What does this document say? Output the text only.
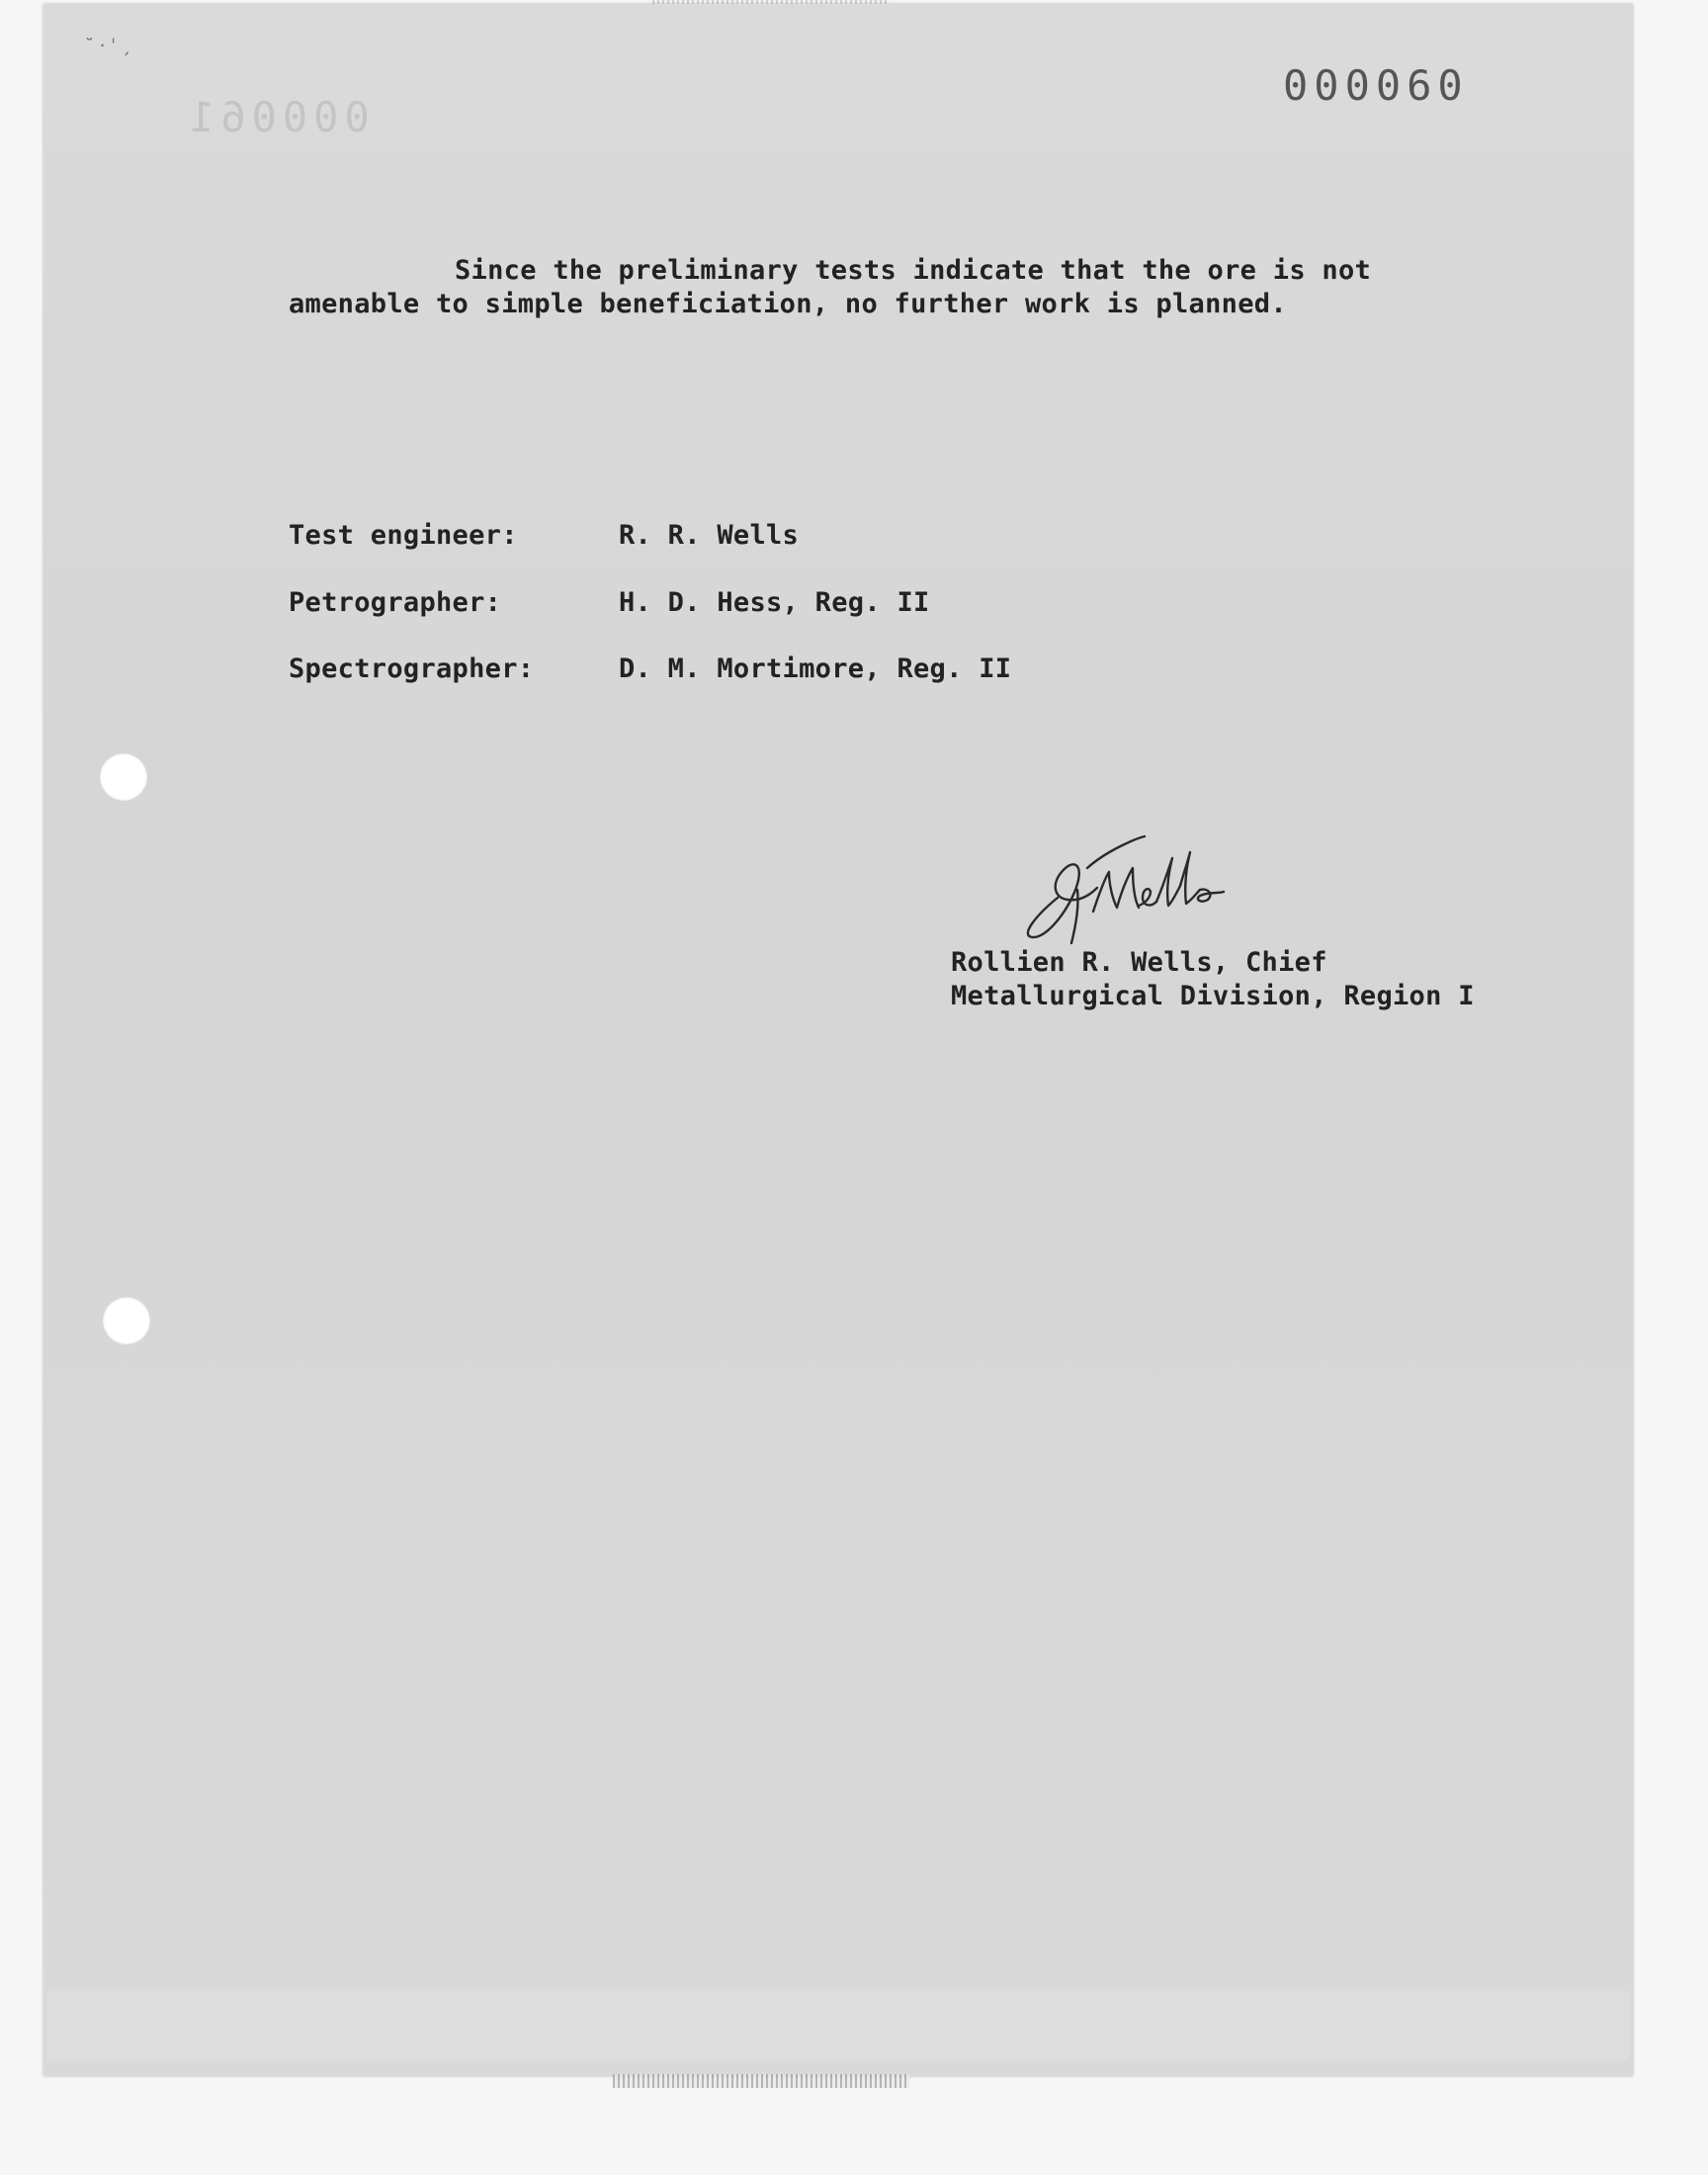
˘ · ˈ ˏ
000061
000060
Since the preliminary tests indicate that the ore is not
amenable to simple beneficiation, no further work is planned.
Test engineer:	R. R. Wells
Petrographer:	H. D. Hess, Reg. II
Spectrographer:	D. M. Mortimore, Reg. II
Rollien R. Wells, Chief
Metallurgical Division, Region I
